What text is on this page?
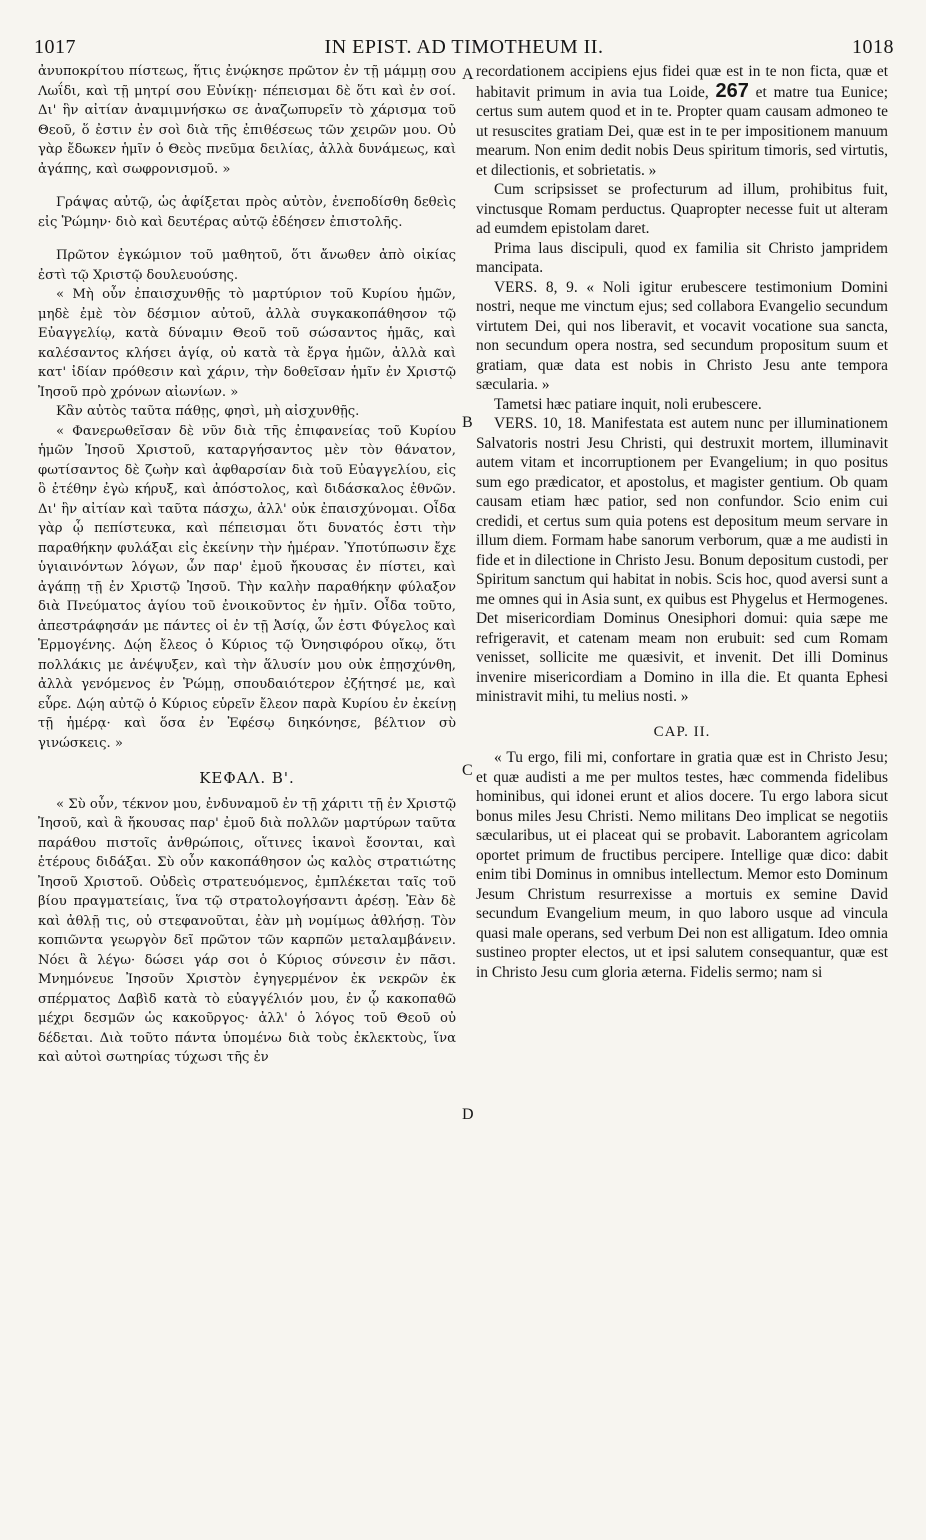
1017	IN EPIST. AD TIMOTHEUM II.	1018

ἀνυποκρίτου πίστεως, ἥτις ἐνῴκησε πρῶτον ἐν τῇ μάμμῃ σου Λωΐδι, καὶ τῇ μητρί σου Εὐνίκῃ· πέπεισμαι δὲ ὅτι καὶ ἐν σοί. Δι' ἣν αἰτίαν ἀναμιμνήσκω σε ἀναζωπυρεῖν τὸ χάρισμα τοῦ Θεοῦ, ὅ ἐστιν ἐν σοὶ διὰ τῆς ἐπιθέσεως τῶν χειρῶν μου. Οὐ γὰρ ἔδωκεν ἡμῖν ὁ Θεὸς πνεῦμα δειλίας, ἀλλὰ δυνάμεως, καὶ ἀγάπης, καὶ σωφρονισμοῦ. »

Γράψας αὐτῷ, ὡς ἀφίξεται πρὸς αὐτὸν, ἐνεποδίσθη δεθεὶς εἰς Ῥώμην· διὸ καὶ δευτέρας αὐτῷ ἐδέησεν ἐπιστολῆς.

Πρῶτον ἐγκώμιον τοῦ μαθητοῦ, ὅτι ἄνωθεν ἀπὸ οἰκίας ἐστὶ τῷ Χριστῷ δουλευούσης.

« Μὴ οὖν ἐπαισχυνθῇς τὸ μαρτύριον τοῦ Κυρίου ἡμῶν, μηδὲ ἐμὲ τὸν δέσμιον αὐτοῦ, ἀλλὰ συγκακοπάθησον τῷ Εὐαγγελίῳ, κατὰ δύναμιν Θεοῦ τοῦ σώσαντος ἡμᾶς, καὶ καλέσαντος κλήσει ἁγίᾳ, οὐ κατὰ τὰ ἔργα ἡμῶν, ἀλλὰ καὶ κατ' ἰδίαν πρόθεσιν καὶ χάριν, τὴν δοθεῖσαν ἡμῖν ἐν Χριστῷ Ἰησοῦ πρὸ χρόνων αἰωνίων. »

Κἂν αὐτὸς ταῦτα πάθῃς, φησὶ, μὴ αἰσχυνθῇς.

« Φανερωθεῖσαν δὲ νῦν διὰ τῆς ἐπιφανείας τοῦ Κυρίου ἡμῶν Ἰησοῦ Χριστοῦ, καταργήσαντος μὲν τὸν θάνατον, φωτίσαντος δὲ ζωὴν καὶ ἀφθαρσίαν διὰ τοῦ Εὐαγγελίου, εἰς ὃ ἐτέθην ἐγὼ κήρυξ, καὶ ἀπόστολος, καὶ διδάσκαλος ἐθνῶν. Δι' ἣν αἰτίαν καὶ ταῦτα πάσχω, ἀλλ' οὐκ ἐπαισχύνομαι. Οἶδα γὰρ ᾧ πεπίστευκα, καὶ πέπεισμαι ὅτι δυνατός ἐστι τὴν παραθήκην φυλάξαι εἰς ἐκείνην τὴν ἡμέραν. Ὑποτύπωσιν ἔχε ὑγιαινόντων λόγων, ὧν παρ' ἐμοῦ ἤκουσας ἐν πίστει, καὶ ἀγάπῃ τῇ ἐν Χριστῷ Ἰησοῦ. Τὴν καλὴν παραθήκην φύλαξον διὰ Πνεύματος ἁγίου τοῦ ἐνοικοῦντος ἐν ἡμῖν. Οἶδα τοῦτο, ἀπεστράφησάν με πάντες οἱ ἐν τῇ Ἀσίᾳ, ὧν ἐστι Φύγελος καὶ Ἑρμογένης. Δῴη ἔλεος ὁ Κύριος τῷ Ὀνησιφόρου οἴκῳ, ὅτι πολλάκις με ἀνέψυξεν, καὶ τὴν ἅλυσίν μου οὐκ ἐπῃσχύνθη, ἀλλὰ γενόμενος ἐν Ῥώμῃ, σπουδαιότερον ἐζήτησέ με, καὶ εὗρε. Δῴη αὐτῷ ὁ Κύριος εὑρεῖν ἔλεον παρὰ Κυρίου ἐν ἐκείνῃ τῇ ἡμέρᾳ· καὶ ὅσα ἐν Ἐφέσῳ διηκόνησε, βέλτιον σὺ γινώσκεις. »

ΚΕΦΑΛ. Β'.

« Σὺ οὖν, τέκνον μου, ἐνδυναμοῦ ἐν τῇ χάριτι τῇ ἐν Χριστῷ Ἰησοῦ, καὶ ἃ ἤκουσας παρ' ἐμοῦ διὰ πολλῶν μαρτύρων ταῦτα παράθου πιστοῖς ἀνθρώποις, οἵτινες ἱκανοὶ ἔσονται, καὶ ἑτέρους διδάξαι. Σὺ οὖν κακοπάθησον ὡς καλὸς στρατιώτης Ἰησοῦ Χριστοῦ. Οὐδεὶς στρατευόμενος, ἐμπλέκεται ταῖς τοῦ βίου πραγματείαις, ἵνα τῷ στρατολογήσαντι ἀρέσῃ. Ἐὰν δὲ καὶ ἀθλῇ τις, οὐ στεφανοῦται, ἐὰν μὴ νομίμως ἀθλήσῃ. Τὸν κοπιῶντα γεωργὸν δεῖ πρῶτον τῶν καρπῶν μεταλαμβάνειν. Νόει ἃ λέγω· δώσει γάρ σοι ὁ Κύριος σύνεσιν ἐν πᾶσι. Μνημόνευε Ἰησοῦν Χριστὸν ἐγηγερμένον ἐκ νεκρῶν ἐκ σπέρματος Δαβὶδ κατὰ τὸ εὐαγγέλιόν μου, ἐν ᾧ κακοπαθῶ μέχρι δεσμῶν ὡς κακοῦργος· ἀλλ' ὁ λόγος τοῦ Θεοῦ οὐ δέδεται. Διὰ τοῦτο πάντα ὑπομένω διὰ τοὺς ἐκλεκτοὺς, ἵνα καὶ αὐτοὶ σωτηρίας τύχωσι τῆς ἐν

A
B
C
D

recordationem accipiens ejus fidei quæ est in te non ficta, quæ et habitavit primum in avia tua Loide, 267 et matre tua Eunice; certus sum autem quod et in te. Propter quam causam admoneo te ut resuscites gratiam Dei, quæ est in te per impositionem manuum mearum. Non enim dedit nobis Deus spiritum timoris, sed virtutis, et dilectionis, et sobrietatis. »

Cum scripsisset se profecturum ad illum, prohibitus fuit, vinctusque Romam perductus. Quapropter necesse fuit ut alteram ad eumdem epistolam daret.

Prima laus discipuli, quod ex familia sit Christo jampridem mancipata.

VERS. 8, 9. « Noli igitur erubescere testimonium Domini nostri, neque me vinctum ejus; sed collabora Evangelio secundum virtutem Dei, qui nos liberavit, et vocavit vocatione sua sancta, non secundum opera nostra, sed secundum propositum suum et gratiam, quæ data est nobis in Christo Jesu ante tempora sæcularia. »

Tametsi hæc patiare inquit, noli erubescere.

VERS. 10, 18. Manifestata est autem nunc per illuminationem Salvatoris nostri Jesu Christi, qui destruxit mortem, illuminavit autem vitam et incorruptionem per Evangelium; in quo positus sum ego prædicator, et apostolus, et magister gentium. Ob quam causam etiam hæc patior, sed non confundor. Scio enim cui credidi, et certus sum quia potens est depositum meum servare in illum diem. Formam habe sanorum verborum, quæ a me audisti in fide et in dilectione in Christo Jesu. Bonum depositum custodi, per Spiritum sanctum qui habitat in nobis. Scis hoc, quod aversi sunt a me omnes qui in Asia sunt, ex quibus est Phygelus et Hermogenes. Det misericordiam Dominus Onesiphori domui: quia sæpe me refrigeravit, et catenam meam non erubuit: sed cum Romam venisset, sollicite me quæsivit, et invenit. Det illi Dominus invenire misericordiam a Domino in illa die. Et quanta Ephesi ministravit mihi, tu melius nosti. »

CAP. II.

« Tu ergo, fili mi, confortare in gratia quæ est in Christo Jesu; et quæ audisti a me per multos testes, hæc commenda fidelibus hominibus, qui idonei erunt et alios docere. Tu ergo labora sicut bonus miles Jesu Christi. Nemo militans Deo implicat se negotiis sæcularibus, ut ei placeat qui se probavit. Laborantem agricolam oportet primum de fructibus percipere. Intellige quæ dico: dabit enim tibi Dominus in omnibus intellectum. Memor esto Dominum Jesum Christum resurrexisse a mortuis ex semine David secundum Evangelium meum, in quo laboro usque ad vincula quasi male operans, sed verbum Dei non est alligatum. Ideo omnia sustineo propter electos, ut et ipsi salutem consequantur, quæ est in Christo Jesu cum gloria æterna. Fidelis sermo; nam si
